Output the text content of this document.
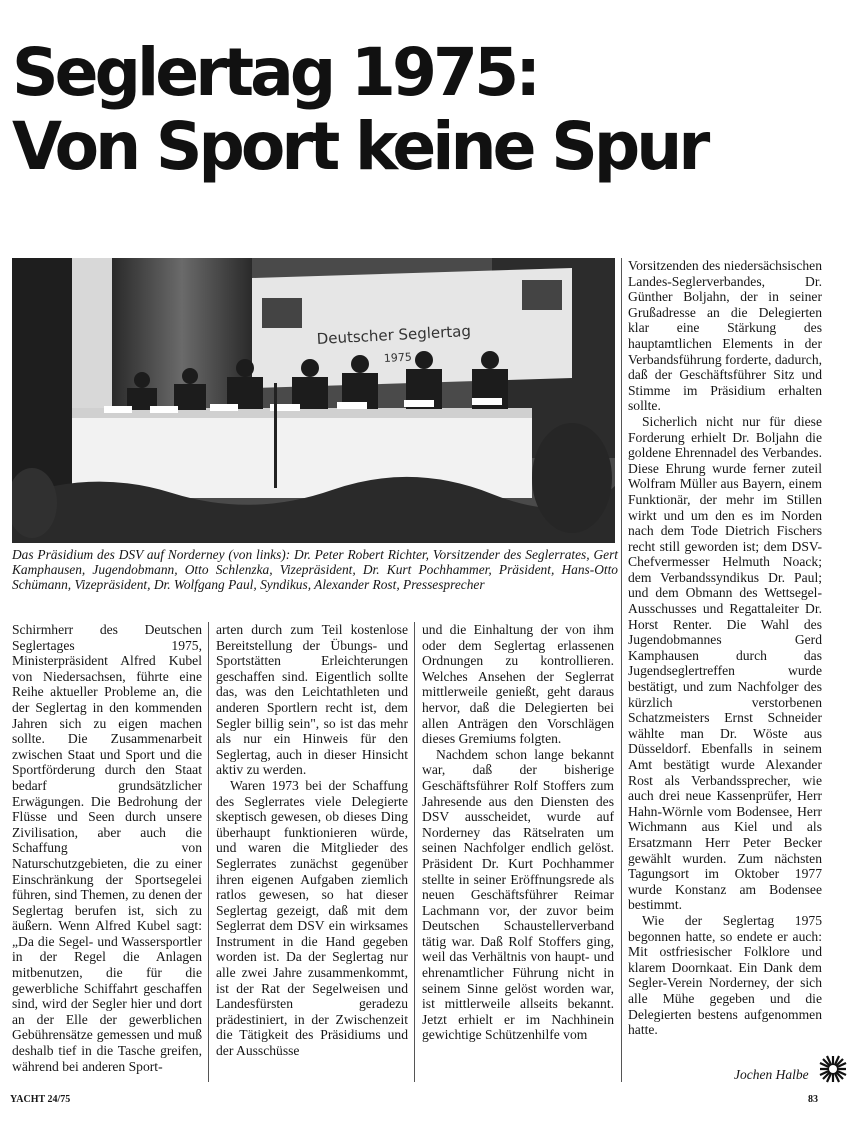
Seglertag 1975:
Von Sport keine Spur
Deutscher Seglertag
1975
Das Präsidium des DSV auf Norderney (von links): Dr. Peter Robert Richter, Vorsitzender des Seglerrates, Gert Kamphausen, Jugendobmann, Otto Schlenzka, Vizepräsident, Dr. Kurt Pochhammer, Präsident, Hans-Otto Schümann, Vizepräsident, Dr. Wolfgang Paul, Syndikus, Alexander Rost, Pressesprecher

Schirmherr des Deutschen Seglertages 1975, Ministerpräsident Alfred Kubel von Niedersachsen, führte eine Reihe aktueller Probleme an, die der Seglertag in den kommenden Jahren sich zu eigen machen sollte. Die Zusammenarbeit zwischen Staat und Sport und die Sportförderung durch den Staat bedarf grundsätzlicher Erwägungen. Die Bedrohung der Flüsse und Seen durch unsere Zivilisation, aber auch die Schaffung von Naturschutzgebieten, die zu einer Einschränkung der Sportsegelei führen, sind Themen, zu denen der Seglertag berufen ist, sich zu äußern. Wenn Alfred Kubel sagt: „Da die Segel- und Wassersportler in der Regel die Anlagen mitbenutzen, die für die gewerbliche Schiffahrt geschaffen sind, wird der Segler hier und dort an der Elle der gewerblichen Gebührensätze gemessen und muß deshalb tief in die Tasche greifen, während bei anderen Sport-

arten durch zum Teil kostenlose Bereitstellung der Übungs- und Sportstätten Erleichterungen geschaffen sind. Eigentlich sollte das, was den Leichtathleten und anderen Sportlern recht ist, dem Segler billig sein", so ist das mehr als nur ein Hinweis für den Seglertag, auch in dieser Hinsicht aktiv zu werden.

Waren 1973 bei der Schaffung des Seglerrates viele Delegierte skeptisch gewesen, ob dieses Ding überhaupt funktionieren würde, und waren die Mitglieder des Seglerrates zunächst gegenüber ihren eigenen Aufgaben ziemlich ratlos gewesen, so hat dieser Seglertag gezeigt, daß mit dem Seglerrat dem DSV ein wirksames Instrument in die Hand gegeben worden ist. Da der Seglertag nur alle zwei Jahre zusammenkommt, ist der Rat der Segelweisen und Landesfürsten geradezu prädestiniert, in der Zwischenzeit die Tätigkeit des Präsidiums und der Ausschüsse

und die Einhaltung der von ihm oder dem Seglertag erlassenen Ordnungen zu kontrollieren. Welches Ansehen der Seglerrat mittlerweile genießt, geht daraus hervor, daß die Delegierten bei allen Anträgen den Vorschlägen dieses Gremiums folgten.

Nachdem schon lange bekannt war, daß der bisherige Geschäftsführer Rolf Stoffers zum Jahresende aus den Diensten des DSV ausscheidet, wurde auf Norderney das Rätselraten um seinen Nachfolger endlich gelöst. Präsident Dr. Kurt Pochhammer stellte in seiner Eröffnungsrede als neuen Geschäftsführer Reimar Lachmann vor, der zuvor beim Deutschen Schaustellerverband tätig war. Daß Rolf Stoffers ging, weil das Verhältnis von haupt- und ehrenamtlicher Führung nicht in seinem Sinne gelöst worden war, ist mittlerweile allseits bekannt. Jetzt erhielt er im Nachhinein gewichtige Schützenhilfe vom

Vorsitzenden des niedersächsischen Landes-Seglerverbandes, Dr. Günther Boljahn, der in seiner Grußadresse an die Delegierten klar eine Stärkung des hauptamtlichen Elements in der Verbandsführung forderte, dadurch, daß der Geschäftsführer Sitz und Stimme im Präsidium erhalten sollte.

Sicherlich nicht nur für diese Forderung erhielt Dr. Boljahn die goldene Ehrennadel des Verbandes. Diese Ehrung wurde ferner zuteil Wolfram Müller aus Bayern, einem Funktionär, der mehr im Stillen wirkt und um den es im Norden nach dem Tode Dietrich Fischers recht still geworden ist; dem DSV-Chefvermesser Helmuth Noack; dem Verbandssyndikus Dr. Paul; und dem Obmann des Wettsegel-Ausschusses und Regattaleiter Dr. Horst Renter. Die Wahl des Jugendobmannes Gerd Kamphausen durch das Jugendseglertreffen wurde bestätigt, und zum Nachfolger des kürzlich verstorbenen Schatzmeisters Ernst Schneider wählte man Dr. Wöste aus Düsseldorf. Ebenfalls in seinem Amt bestätigt wurde Alexander Rost als Verbandssprecher, wie auch drei neue Kassenprüfer, Herr Hahn-Wörnle vom Bodensee, Herr Wichmann aus Kiel und als Ersatzmann Herr Peter Becker gewählt wurden. Zum nächsten Tagungsort im Oktober 1977 wurde Konstanz am Bodensee bestimmt.

Wie der Seglertag 1975 begonnen hatte, so endete er auch: Mit ostfriesischer Folklore und klarem Doornkaat. Ein Dank dem Segler-Verein Norderney, der sich alle Mühe gegeben und die Delegierten bestens aufgenommen hatte.

Jochen Halbe
YACHT 24/75	83
